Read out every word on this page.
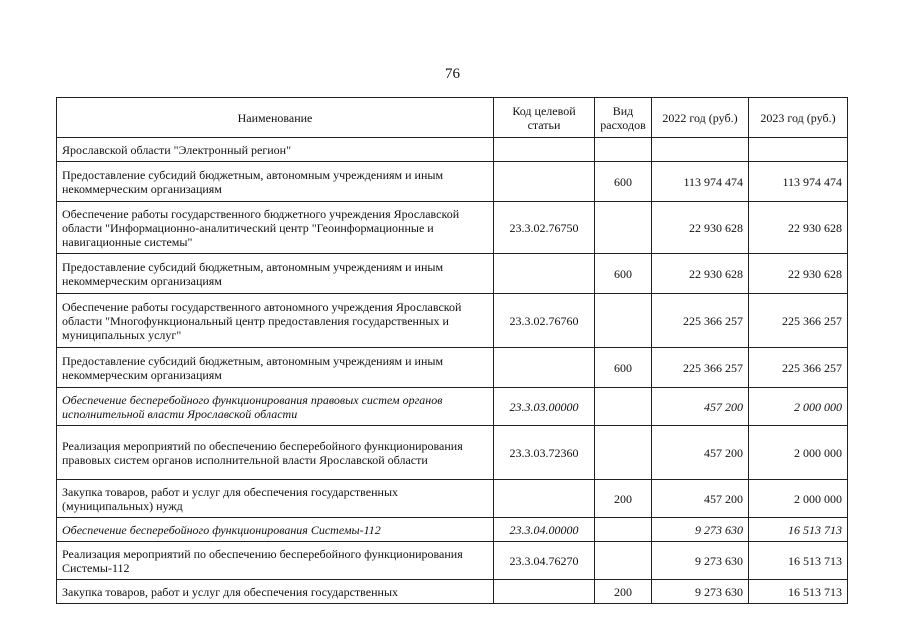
76
Наименование	Код целевой статьи	Вид расходов	2022 год (руб.)	2023 год (руб.)
Ярославской области "Электронный регион"				
Предоставление субсидий бюджетным, автономным учреждениям и иным некоммерческим организациям		600	113 974 474	113 974 474
Обеспечение работы государственного бюджетного учреждения Ярославской области "Информационно-аналитический центр "Геоинформационные и навигационные системы"	23.3.02.76750		22 930 628	22 930 628
Предоставление субсидий бюджетным, автономным учреждениям и иным некоммерческим организациям		600	22 930 628	22 930 628
Обеспечение работы государственного автономного учреждения Ярославской области "Многофункциональный центр предоставления государственных и муниципальных услуг"	23.3.02.76760		225 366 257	225 366 257
Предоставление субсидий бюджетным, автономным учреждениям и иным некоммерческим организациям		600	225 366 257	225 366 257
Обеспечение бесперебойного функционирования правовых систем органов исполнительной власти Ярославской области	23.3.03.00000		457 200	2 000 000
Реализация мероприятий по обеспечению бесперебойного функционирования правовых систем органов исполнительной власти Ярославской области	23.3.03.72360		457 200	2 000 000
Закупка товаров, работ и услуг для обеспечения государственных (муниципальных) нужд		200	457 200	2 000 000
Обеспечение бесперебойного функционирования Системы-112	23.3.04.00000		9 273 630	16 513 713
Реализация мероприятий по обеспечению бесперебойного функционирования Системы-112	23.3.04.76270		9 273 630	16 513 713
Закупка товаров, работ и услуг для обеспечения государственных		200	9 273 630	16 513 713
